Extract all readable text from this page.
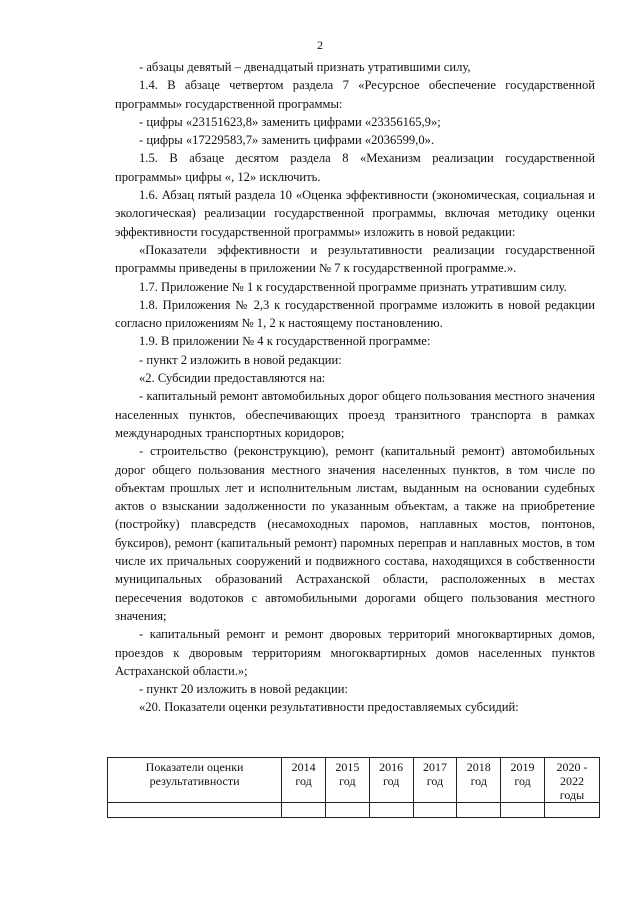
2

- абзацы девятый – двенадцатый признать утратившими силу,

1.4. В абзаце четвертом раздела 7 «Ресурсное обеспечение государственной программы» государственной программы:

- цифры «23151623,8» заменить цифрами «23356165,9»;

- цифры «17229583,7» заменить цифрами «2036599,0».

1.5. В абзаце десятом раздела 8 «Механизм реализации государственной программы» цифры «, 12» исключить.

1.6. Абзац пятый раздела 10 «Оценка эффективности (экономическая, социальная и экологическая) реализации государственной программы, включая методику оценки эффективности государственной программы» изложить в новой редакции:

«Показатели эффективности и результативности реализации государственной программы приведены в приложении № 7 к государственной программе.».

1.7. Приложение № 1 к государственной программе признать утратившим силу.

1.8. Приложения № 2,3 к государственной программе изложить в новой редакции согласно приложениям № 1, 2 к настоящему постановлению.

1.9. В приложении № 4 к государственной программе:

- пункт 2 изложить в новой редакции:

«2. Субсидии предоставляются на:

- капитальный ремонт автомобильных дорог общего пользования местного значения населенных пунктов, обеспечивающих проезд транзитного транспорта в рамках международных транспортных коридоров;

- строительство (реконструкцию), ремонт (капитальный ремонт) автомобильных дорог общего пользования местного значения населенных пунктов, в том числе по объектам прошлых лет и исполнительным листам, выданным на основании судебных актов о взыскании задолженности по указанным объектам, а также на приобретение (постройку) плавсредств (несамоходных паромов, наплавных мостов, понтонов, буксиров), ремонт (капитальный ремонт) паромных переправ и наплавных мостов, в том числе их причальных сооружений и подвижного состава, находящихся в собственности муниципальных образований Астраханской области, расположенных в местах пересечения водотоков с автомобильными дорогами общего пользования местного значения;

- капитальный ремонт и ремонт дворовых территорий многоквартирных домов, проездов к дворовым территориям многоквартирных домов населенных пунктов Астраханской области.»;

- пункт 20 изложить в новой редакции:

«20. Показатели оценки результативности предоставляемых субсидий:

Показатели оценки результативности	2014 год	2015 год	2016 год	2017 год	2018 год	2019 год	2020 - 2022 годы
